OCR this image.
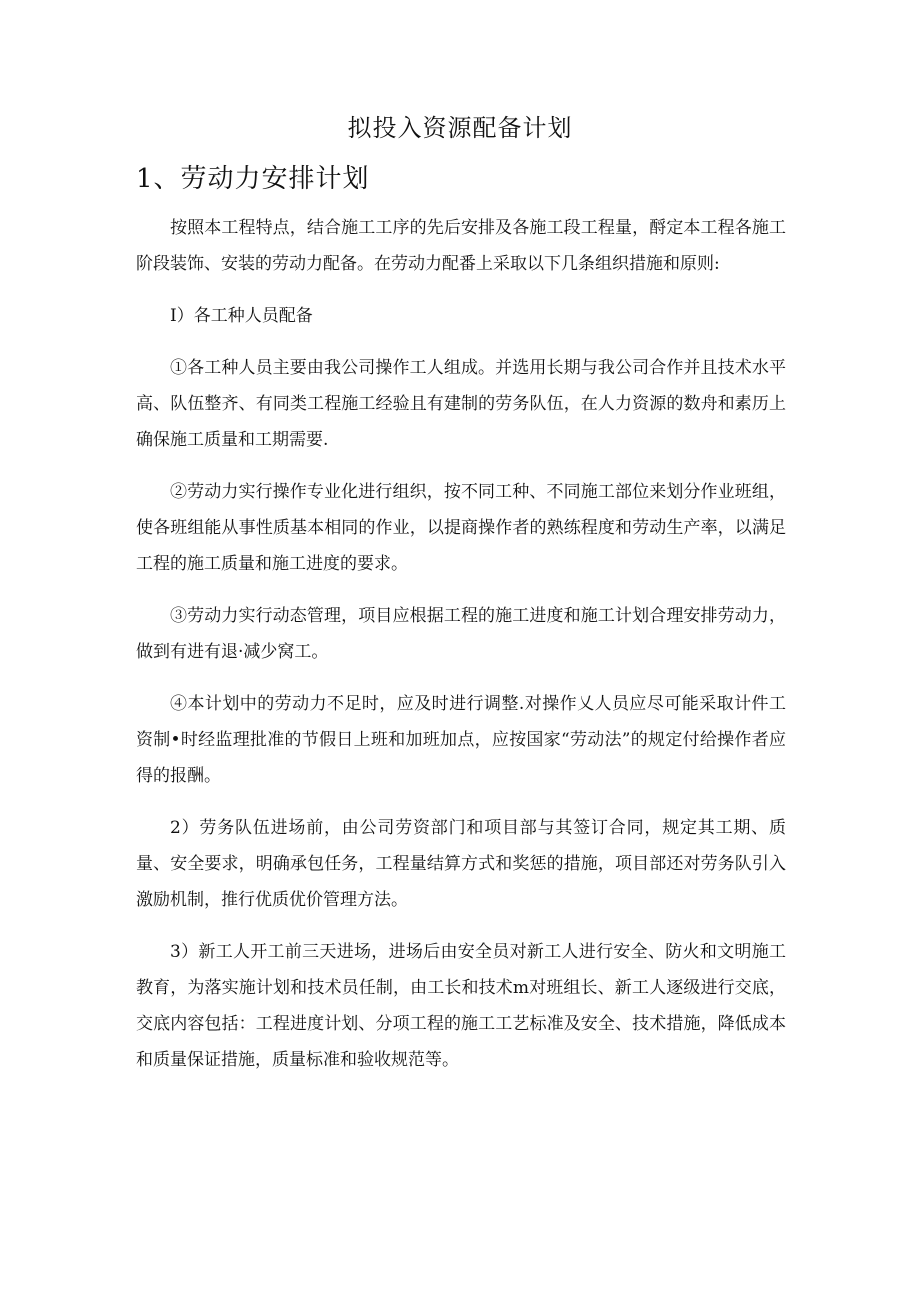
拟投入资源配备计划
1、劳动力安排计划

按照本工程特点，结合施工工序的先后安排及各施工段工程量，酹定本工程各施工阶段装饰、安装的劳动力配备。在劳动力配番上采取以下几条组织措施和原则:

I）各工种人员配备

①各工种人员主要由我公司操作工人组成。并选用长期与我公司合作并且技术水平高、队伍整齐、有同类工程施工经验且有建制的劳务队伍，在人力资源的数舟和素历上确保施工质量和工期需要.

②劳动力实行操作专业化进行组织，按不同工种、不同施工部位来划分作业班组，使各班组能从事性质基本相同的作业，以提商操作者的熟练程度和劳动生产率，以满足工程的施工质量和施工进度的要求。

③劳动力实行动态管理，项目应根据工程的施工进度和施工计划合理安排劳动力，做到有进有退·减少窝工。

④本计划中的劳动力不足时，应及时进行调整.对操作乂人员应尽可能采取计件工资制•时经监理批准的节假日上班和加班加点，应按国家“劳动法”的规定付给操作者应得的报酬。

2）劳务队伍进场前，由公司劳资部门和项目部与其签订合同，规定其工期、质量、安全要求，明确承包任务，工程量结算方式和奖惩的措施，项目部还对劳务队引入激励机制，推行优质优价管理方法。

3）新工人开工前三天进场，进场后由安全员对新工人进行安全、防火和文明施工教育，为落实施计划和技术员任制，由工长和技术m对班组长、新工人逐级进行交底，交底内容包括：工程进度计划、分项工程的施工工艺标准及安全、技术措施，降低成本和质量保证措施，质量标准和验收规范等。
